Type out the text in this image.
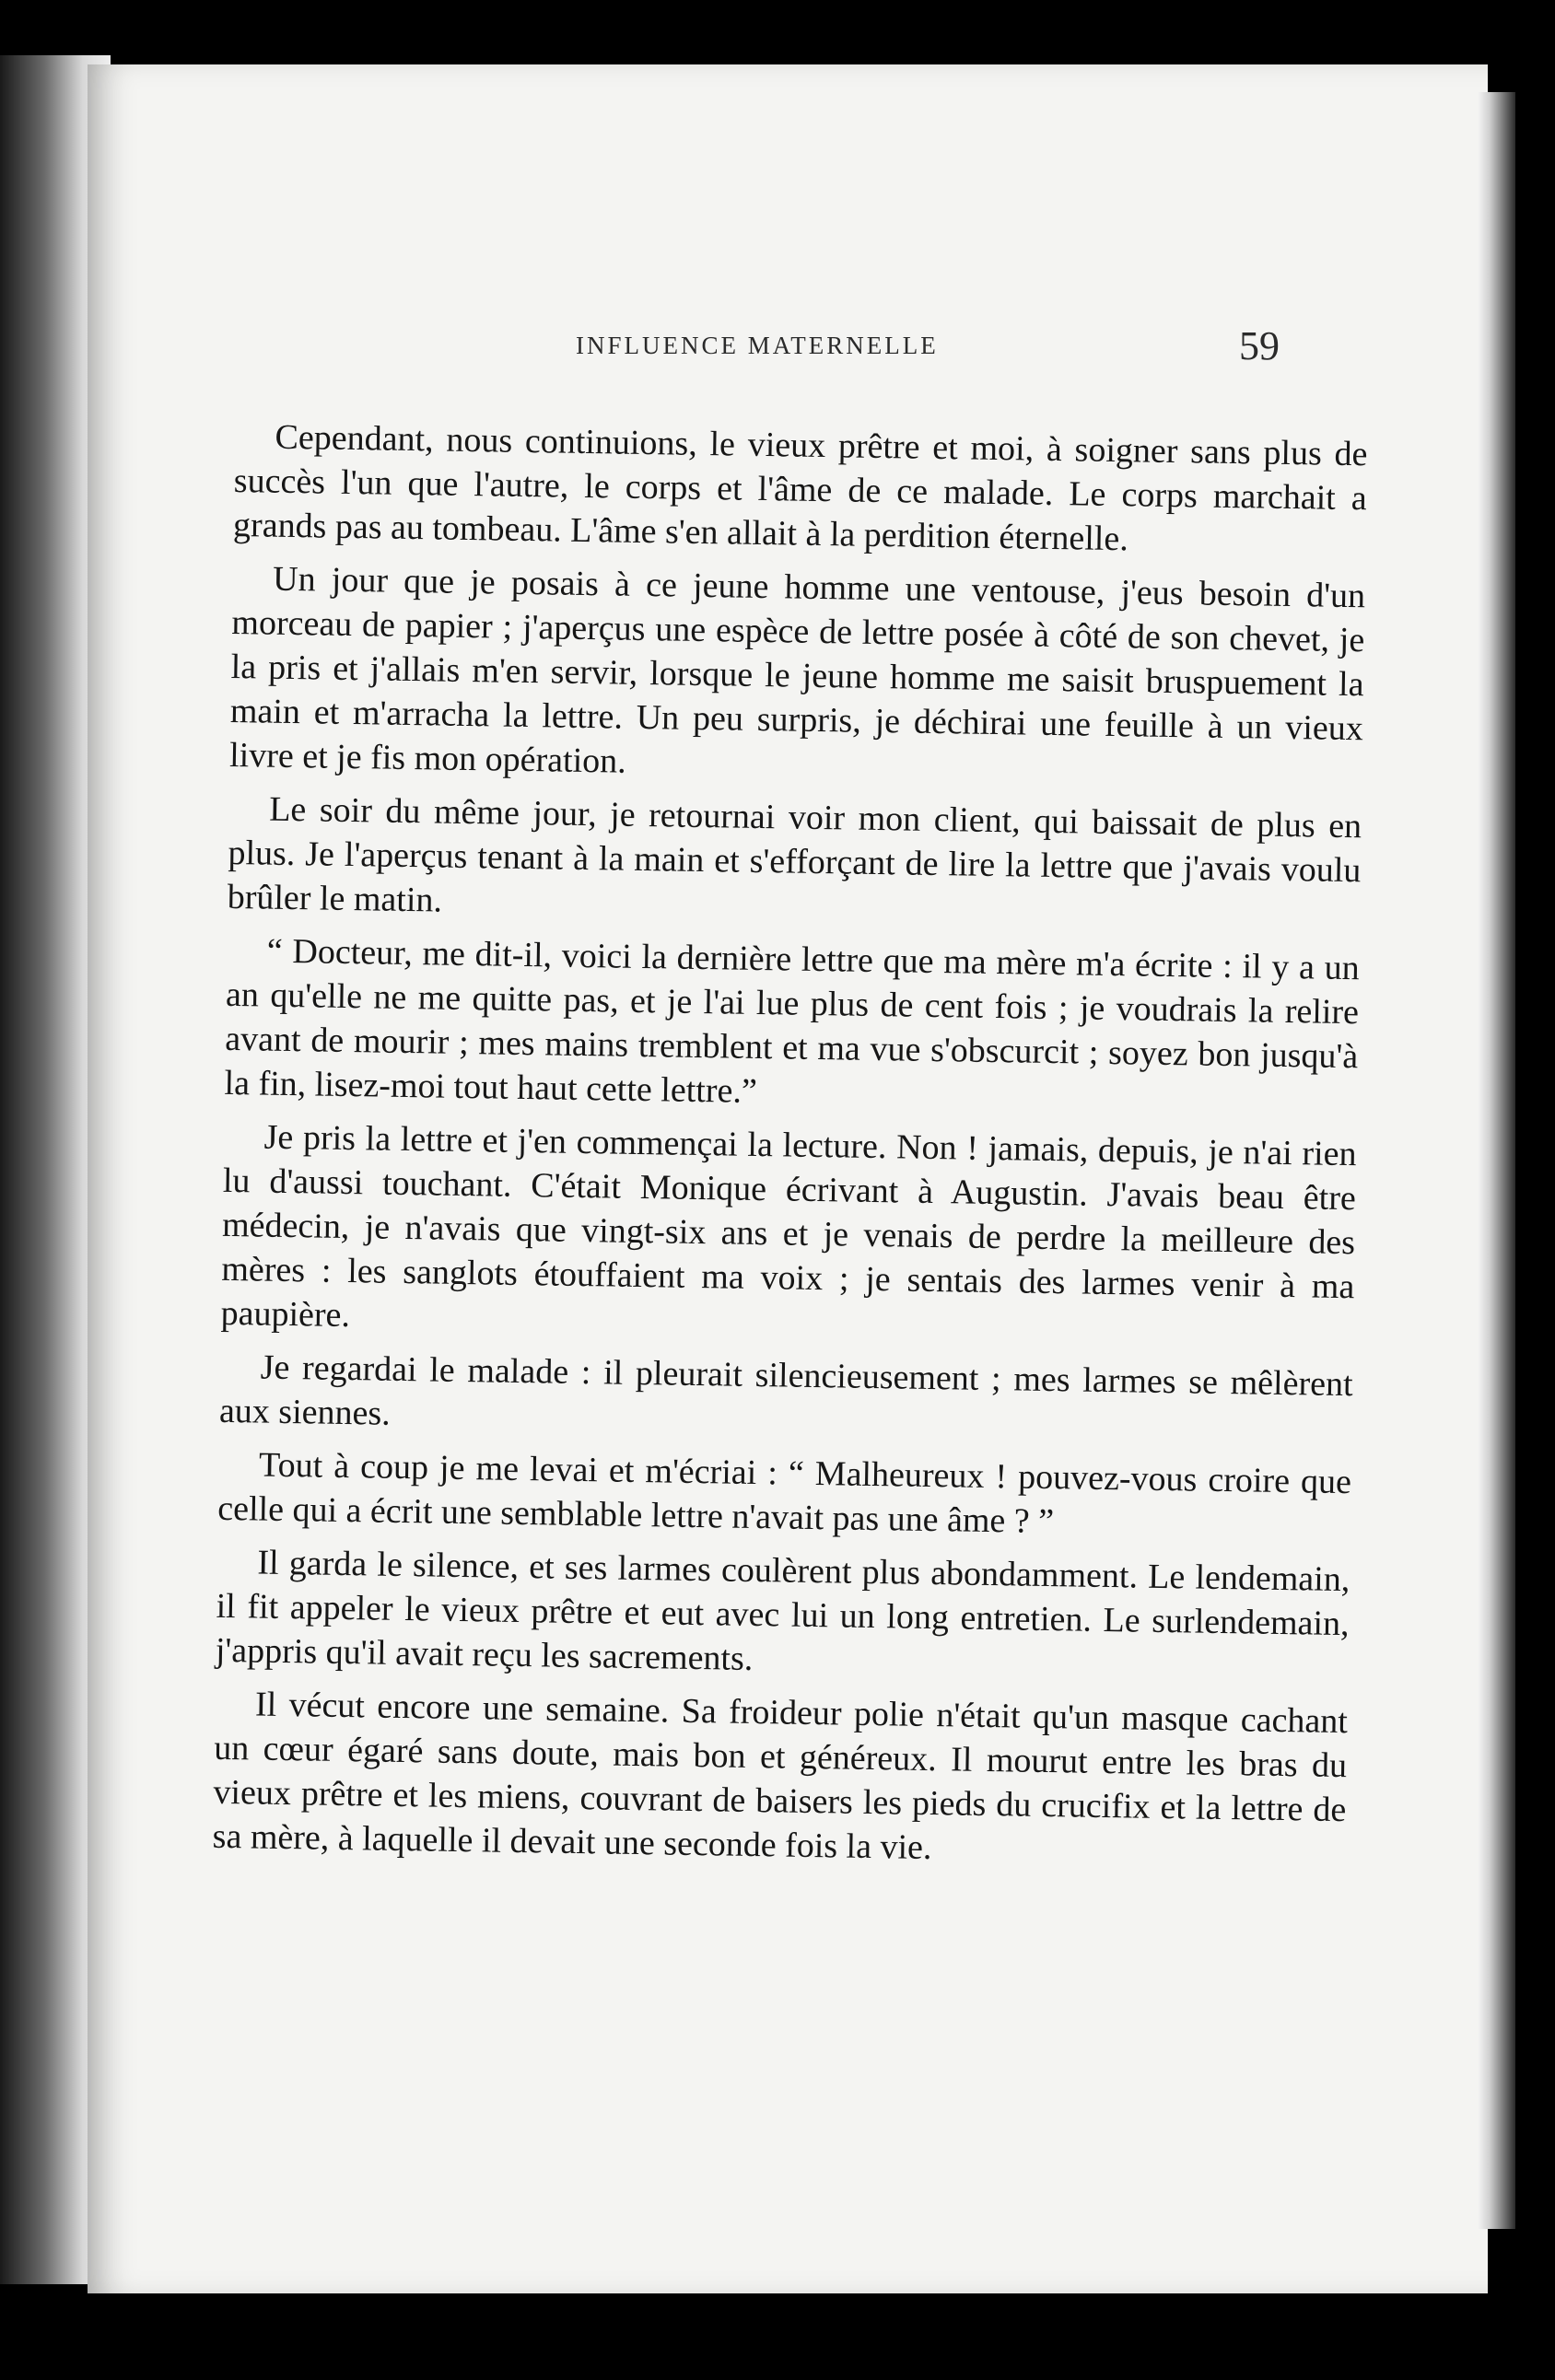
INFLUENCE MATERNELLE	59

Cependant, nous continuions, le vieux prêtre et moi, à soigner sans plus de succès l'un que l'autre, le corps et l'âme de ce malade. Le corps marchait a grands pas au tombeau. L'âme s'en allait à la perdition éternelle.

Un jour que je posais à ce jeune homme une ventouse, j'eus besoin d'un morceau de papier ; j'aperçus une espèce de lettre posée à côté de son chevet, je la pris et j'allais m'en servir, lorsque le jeune homme me saisit bruspuement la main et m'arracha la lettre. Un peu surpris, je déchirai une feuille à un vieux livre et je fis mon opération.

Le soir du même jour, je retournai voir mon client, qui baissait de plus en plus. Je l'aperçus tenant à la main et s'efforçant de lire la lettre que j'avais voulu brûler le matin.

“ Docteur, me dit-il, voici la dernière lettre que ma mère m'a écrite : il y a un an qu'elle ne me quitte pas, et je l'ai lue plus de cent fois ; je voudrais la relire avant de mourir ; mes mains tremblent et ma vue s'obscurcit ; soyez bon jusqu'à la fin, lisez-moi tout haut cette lettre.”

Je pris la lettre et j'en commençai la lecture. Non ! jamais, depuis, je n'ai rien lu d'aussi touchant. C'était Monique écrivant à Augustin. J'avais beau être médecin, je n'avais que vingt-six ans et je venais de perdre la meilleure des mères : les sanglots étouffaient ma voix ; je sentais des larmes venir à ma paupière.

Je regardai le malade : il pleurait silencieusement ; mes larmes se mêlèrent aux siennes.

Tout à coup je me levai et m'écriai : “ Malheureux ! pouvez-vous croire que celle qui a écrit une semblable lettre n'avait pas une âme ? ”

Il garda le silence, et ses larmes coulèrent plus abondamment. Le lendemain, il fit appeler le vieux prêtre et eut avec lui un long entretien. Le surlendemain, j'appris qu'il avait reçu les sacrements.

Il vécut encore une semaine. Sa froideur polie n'était qu'un masque cachant un cœur égaré sans doute, mais bon et généreux. Il mourut entre les bras du vieux prêtre et les miens, couvrant de baisers les pieds du crucifix et la lettre de sa mère, à laquelle il devait une seconde fois la vie.
